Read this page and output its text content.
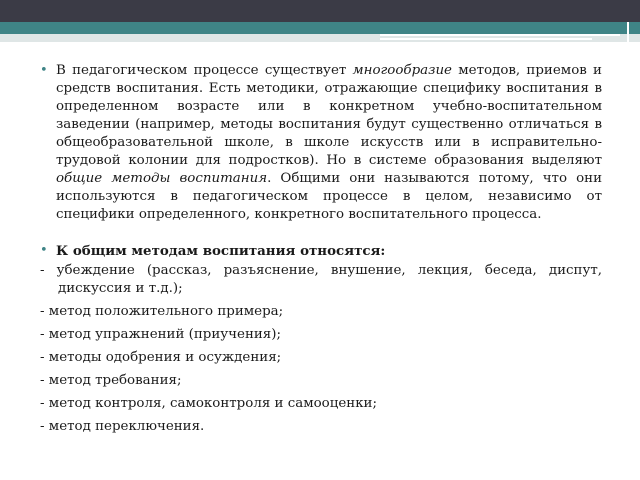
• В педагогическом процессе существует многообразие методов, приемов и средств воспитания. Есть методики, отражающие специфику воспитания в определенном возрасте или в конкретном учебно-воспитательном заведении (например, методы воспитания будут существенно отличаться в общеобразовательной школе, в школе искусств или в исправительно-трудовой колонии для подростков). Но в системе образования выделяют общие методы воспитания. Общими они называются потому, что они используются в педагогическом процессе в целом, независимо от специфики определенного, конкретного воспитательного процесса.

• К общим методам воспитания относятся:

- убеждение (рассказ, разъяснение, внушение, лекция, беседа, диспут, дискуссия и т.д.);

- метод положительного примера;

- метод упражнений (приучения);

- методы одобрения и осуждения;

- метод требования;

- метод контроля, самоконтроля и самооценки;

- метод переключения.
